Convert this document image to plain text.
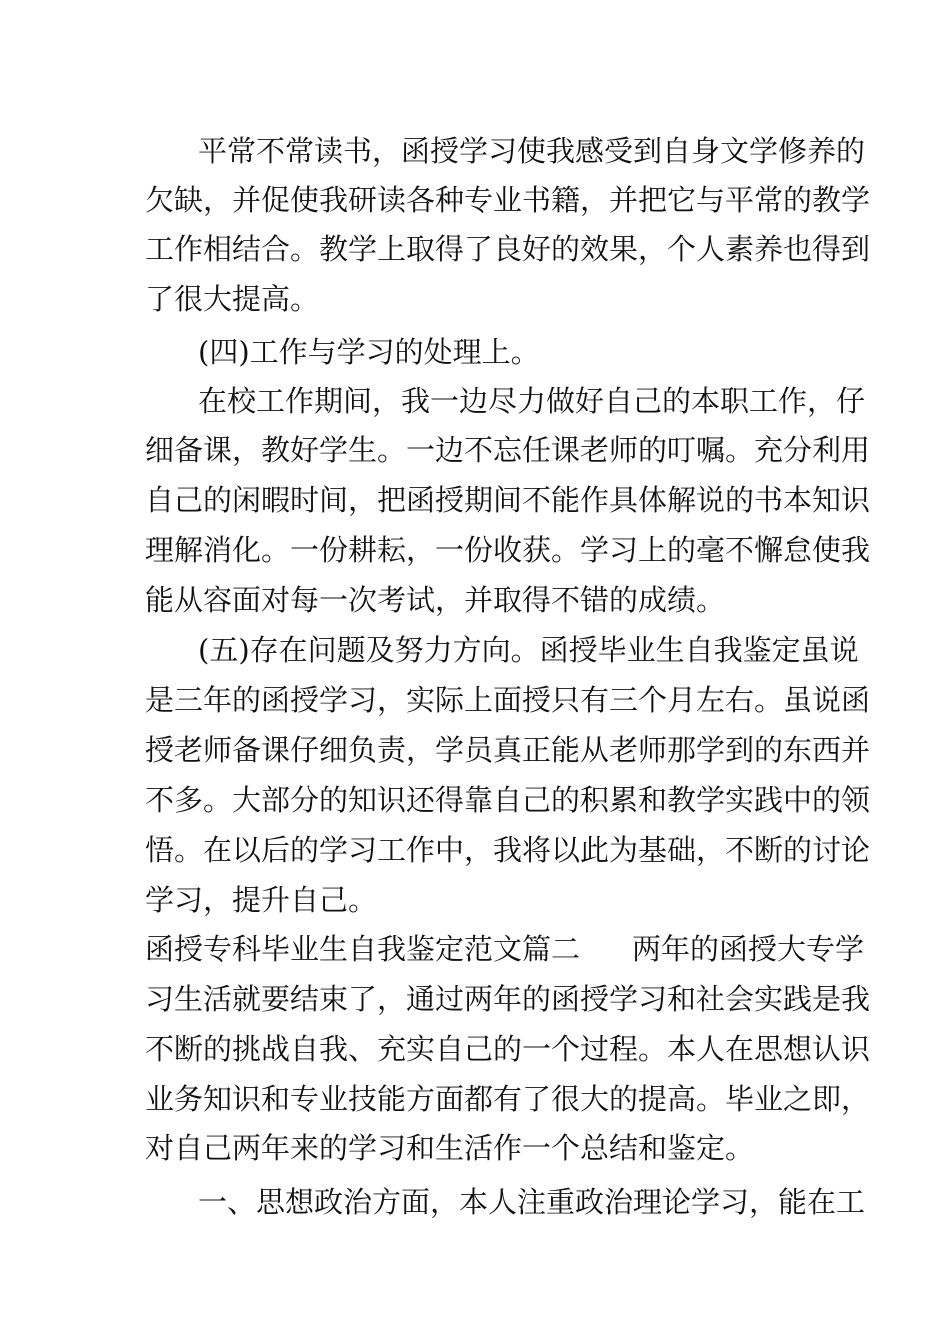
平常不常读书，函授学习使我感受到自身文学修养的
欠缺，并促使我研读各种专业书籍，并把它与平常的教学
工作相结合。教学上取得了良好的效果，个人素养也得到
了很大提高。
(四)工作与学习的处理上。
在校工作期间，我一边尽力做好自己的本职工作，仔
细备课，教好学生。一边不忘任课老师的叮嘱。充分利用
自己的闲暇时间，把函授期间不能作具体解说的书本知识
理解消化。一份耕耘，一份收获。学习上的毫不懈怠使我
能从容面对每一次考试，并取得不错的成绩。
(五)存在问题及努力方向。函授毕业生自我鉴定虽说
是三年的函授学习，实际上面授只有三个月左右。虽说函
授老师备课仔细负责，学员真正能从老师那学到的东西并
不多。大部分的知识还得靠自己的积累和教学实践中的领
悟。在以后的学习工作中，我将以此为基础，不断的讨论
学习，提升自己。
函授专科毕业生自我鉴定范文篇二 两年的函授大专学
习生活就要结束了，通过两年的函授学习和社会实践是我
不断的挑战自我、充实自己的一个过程。本人在思想认识
业务知识和专业技能方面都有了很大的提高。毕业之即，
对自己两年来的学习和生活作一个总结和鉴定。
一、思想政治方面，本人注重政治理论学习，能在工
